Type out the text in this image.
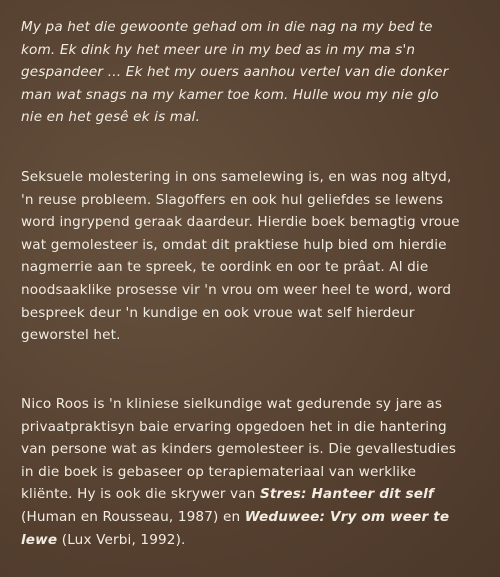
My pa het die gewoonte gehad om in die nag na my bed te
kom. Ek dink hy het meer ure in my bed as in my ma s'n
gespandeer … Ek het my ouers aanhou vertel van die donker
man wat snags na my kamer toe kom. Hulle wou my nie glo
nie en het gesê ek is mal.

Seksuele molestering in ons samelewing is, en was nog altyd,
'n reuse probleem. Slagoffers en ook hul geliefdes se lewens
word ingrypend geraak daardeur. Hierdie boek bemagtig vroue
wat gemolesteer is, omdat dit praktiese hulp bied om hierdie
nagmerrie aan te spreek, te oordink en oor te prâat. Al die
noodsaaklike prosesse vir 'n vrou om weer heel te word, word
bespreek deur 'n kundige en ook vroue wat self hierdeur
geworstel het.

Nico Roos is 'n kliniese sielkundige wat gedurende sy jare as
privaatpraktisyn baie ervaring opgedoen het in die hantering
van persone wat as kinders gemolesteer is. Die gevallestudies
in die boek is gebaseer op terapiemateriaal van werklike
kliënte. Hy is ook die skrywer van Stres: Hanteer dit self
(Human en Rousseau, 1987) en Weduwee: Vry om weer te
lewe (Lux Verbi, 1992).
